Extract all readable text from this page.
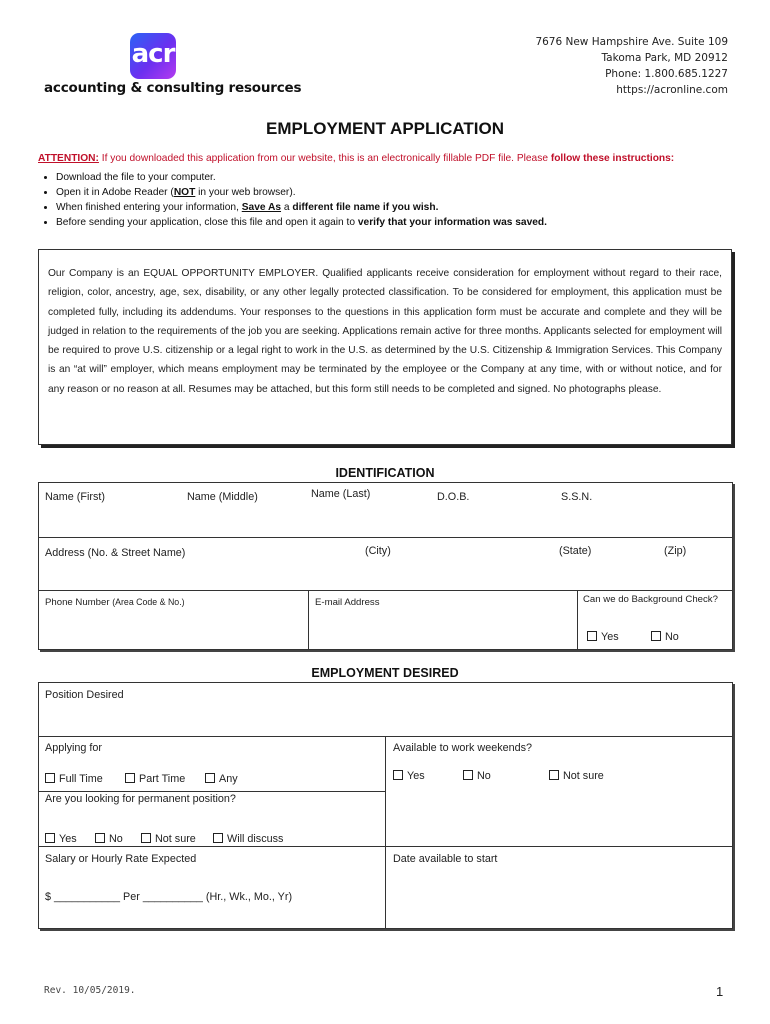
acr
accounting & consulting resources
7676 New Hampshire Ave. Suite 109
Takoma Park, MD 20912
Phone: 1.800.685.1227
https://acronline.com
EMPLOYMENT APPLICATION
ATTENTION: If you downloaded this application from our website, this is an electronically fillable PDF file. Please follow these instructions:
• Download the file to your computer.
• Open it in Adobe Reader (NOT in your web browser).
• When finished entering your information, Save As a different file name if you wish.
• Before sending your application, close this file and open it again to verify that your information was saved.

Our Company is an EQUAL OPPORTUNITY EMPLOYER. Qualified applicants receive consideration for employment without regard to their race, religion, color, ancestry, age, sex, disability, or any other legally protected classification. To be considered for employment, this application must be completed fully, including its addendums. Your responses to the questions in this application form must be accurate and complete and they will be judged in relation to the requirements of the job you are seeking. Applications remain active for three months. Applicants selected for employment will be required to prove U.S. citizenship or a legal right to work in the U.S. as determined by the U.S. Citizenship & Immigration Services. This Company is an “at will” employer, which means employment may be terminated by the employee or the Company at any time, with or without notice, and for any reason or no reason at all. Resumes may be attached, but this form still needs to be completed and signed. No photographs please.

IDENTIFICATION
Name (First)	Name (Middle)	Name (Last)	D.O.B.	S.S.N.
Address (No. & Street Name)	(City)	(State)	(Zip)
Phone Number (Area Code & No.)	E-mail Address	Can we do Background Check?
Yes	No
EMPLOYMENT DESIRED
Position Desired
Applying for
Full Time	Part Time	Any
Available to work weekends?
Yes	No	Not sure
Are you looking for permanent position?
Yes	No	Not sure	Will discuss
Salary or Hourly Rate Expected
$ ___________ Per __________ (Hr., Wk., Mo., Yr)
Date available to start
Rev. 10/05/2019.	1
